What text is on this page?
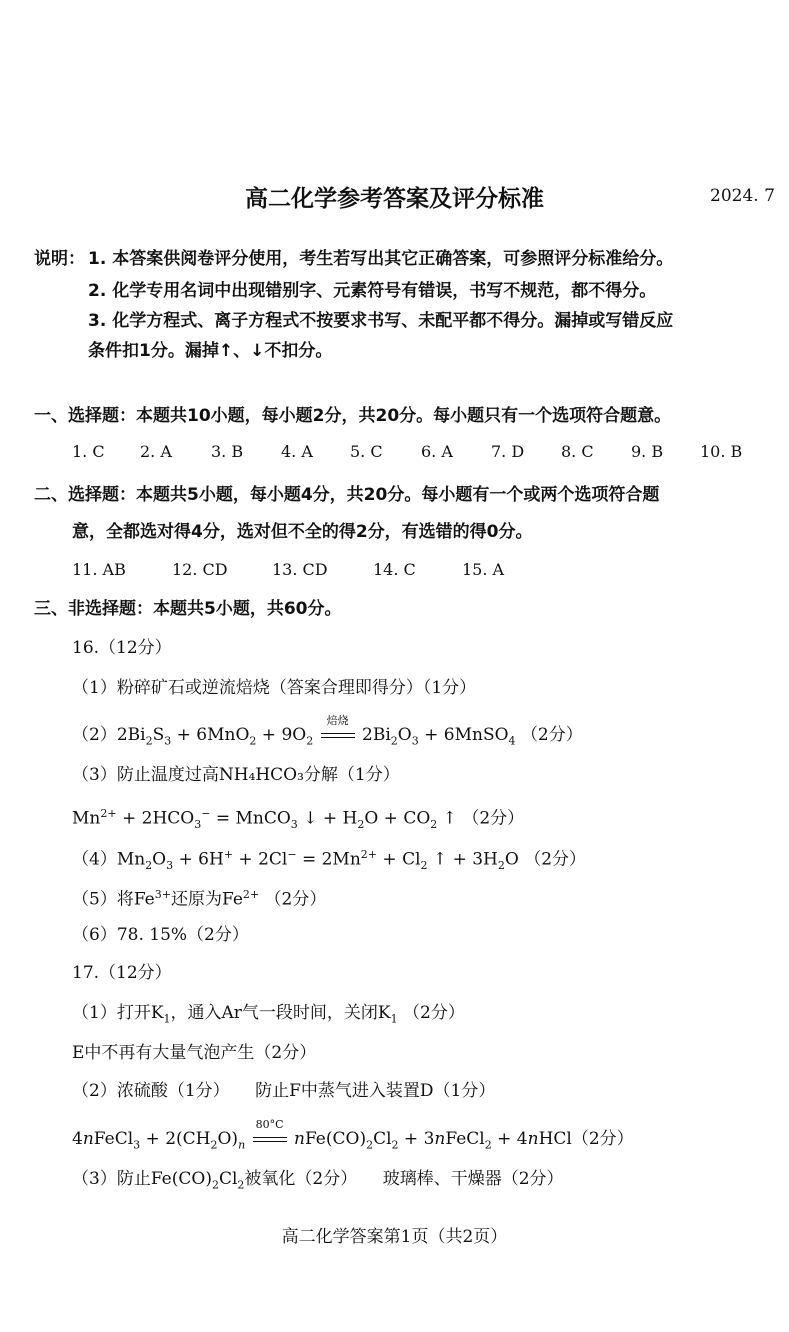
高二化学参考答案及评分标准	2024. 7
说明： 1. 本答案供阅卷评分使用，考生若写出其它正确答案，可参照评分标准给分。
2. 化学专用名词中出现错别字、元素符号有错误，书写不规范，都不得分。
3. 化学方程式、离子方程式不按要求书写、未配平都不得分。漏掉或写错反应
条件扣1分。漏掉↑、↓不扣分。
一、选择题：本题共10小题，每小题2分，共20分。每小题只有一个选项符合题意。
1. C 2. A 3. B 4. A 5. C 6. A 7. D 8. C 9. B 10. B
二、选择题：本题共5小题，每小题4分，共20分。每小题有一个或两个选项符合题
意，全都选对得4分，选对但不全的得2分，有选错的得0分。
11. AB	12. CD	13. CD	14. C	15. A
三、非选择题：本题共5小题，共60分。
16.（12分）
（1）粉碎矿石或逆流焙烧（答案合理即得分）（1分）
$(2)2Bi_2S_3 + 6MnO_2 + 9O_2$
焙烧
$2Bi_2O_3$ + 6MnSO$_4$ （2分）
（3）防止温度过高NH₄HCO₃分解（1分）
$Mn^{2+} + 2HCO_3^-$ = MnCO$_3$ ↓ + $H_2O + CO_2$ ↑ （2分）
$(4)Mn_2O_3 + 6H^+ + 2Cl^- = 2Mn^{2+} + Cl_2$ ↑ + $3H_2O$ （2分）
（5）将$Fe^{3+}$还原为$Fe^{2+}$ （2分）
（6）78. 15%（2分）
17.（12分）
（1）打开$K_1$，通入Ar气一段时间，关闭$K_1$ （2分）
E中不再有大量气泡产生（2分）
（2）浓硫酸（1分）　　防止F中蒸气进入装置D（1分）
4nFeCl$_3$ + $2(CH_2O)_n$
80°C
$nFe(CO)_2Cl_2$ + 3nFeCl$_2$ + 4nHCl（2分）
（3）防止$Fe(CO)_2Cl_2$被氧化（2分）　　 玻璃棒、干燥器（2分）
高二化学答案第1页（共2页）
